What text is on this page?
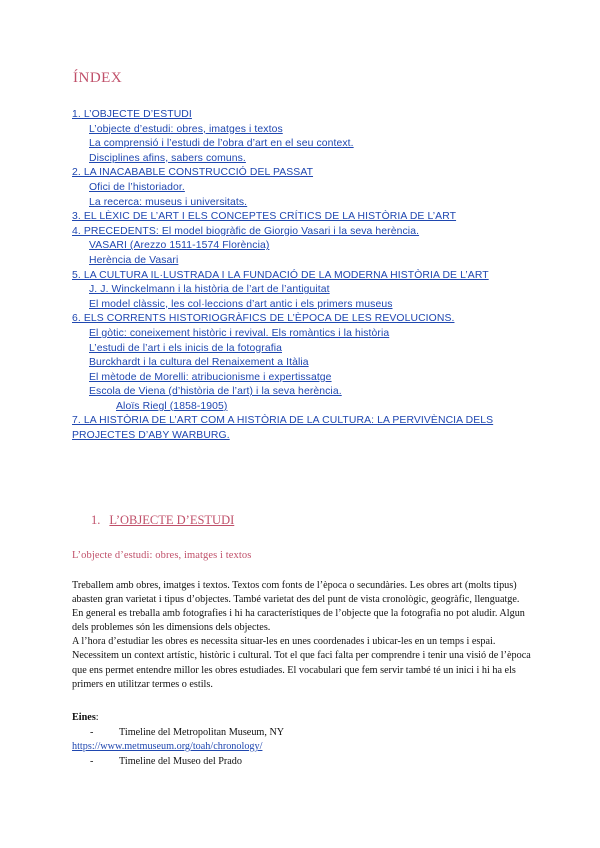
ÍNDEX
1. L’OBJECTE D’ESTUDI
L’objecte d’estudi: obres, imatges i textos
La comprensió i l’estudi de l’obra d’art en el seu context.
Disciplines afins, sabers comuns.
2. LA INACABABLE CONSTRUCCIÓ DEL PASSAT
Ofici de l’historiador.
La recerca: museus i universitats.
3. EL LÈXIC DE L’ART I ELS CONCEPTES CRÍTICS DE LA HISTÒRIA DE L’ART
4. PRECEDENTS: El model biogràfic de Giorgio Vasari i la seva herència.
VASARI (Arezzo 1511-1574 Florència)
Herència de Vasari
5. LA CULTURA IL·LUSTRADA I LA FUNDACIÓ DE LA MODERNA HISTÒRIA DE L’ART
J. J. Winckelmann i la història de l’art de l’antiguitat
El model clàssic, les col·leccions d’art antic i els primers museus
6. ELS CORRENTS HISTORIOGRÀFICS DE L’ÈPOCA DE LES REVOLUCIONS.
El gòtic: coneixement històric i revival. Els romàntics i la història
L’estudi de l’art i els inicis de la fotografia
Burckhardt i la cultura del Renaixement a Itàlia
El mètode de Morelli: atribucionisme i expertissatge
Escola de Viena (d’història de l’art) i la seva herència.
Aloïs Riegl (1858-1905)
7. LA HISTÒRIA DE L’ART COM A HISTÒRIA DE LA CULTURA: LA PERVIVÈNCIA DELS PROJECTES D’ABY WARBURG.
1. L’OBJECTE D’ESTUDI
L’objecte d’estudi: obres, imatges i textos

Treballem amb obres, imatges i textos. Textos com fonts de l’època o secundàries. Les obres art (molts tipus) abasten gran varietat i tipus d’objectes. També varietat des del punt de vista cronològic, geogràfic, llenguatge. En general es treballa amb fotografies i hi ha característiques de l’objecte que la fotografia no pot aludir. Algun dels problemes són les dimensions dels objectes.

A l’hora d’estudiar les obres es necessita situar-les en unes coordenades i ubicar-les en un temps i espai. Necessitem un context artístic, històric i cultural. Tot el que faci falta per comprendre i tenir una visió de l’època que ens permet entendre millor les obres estudiades. El vocabulari que fem servir també té un inici i hi ha els primers en utilitzar termes o estils.

Eines:
-	Timeline del Metropolitan Museum, NY
https://www.metmuseum.org/toah/chronology/
-	Timeline del Museo del Prado
